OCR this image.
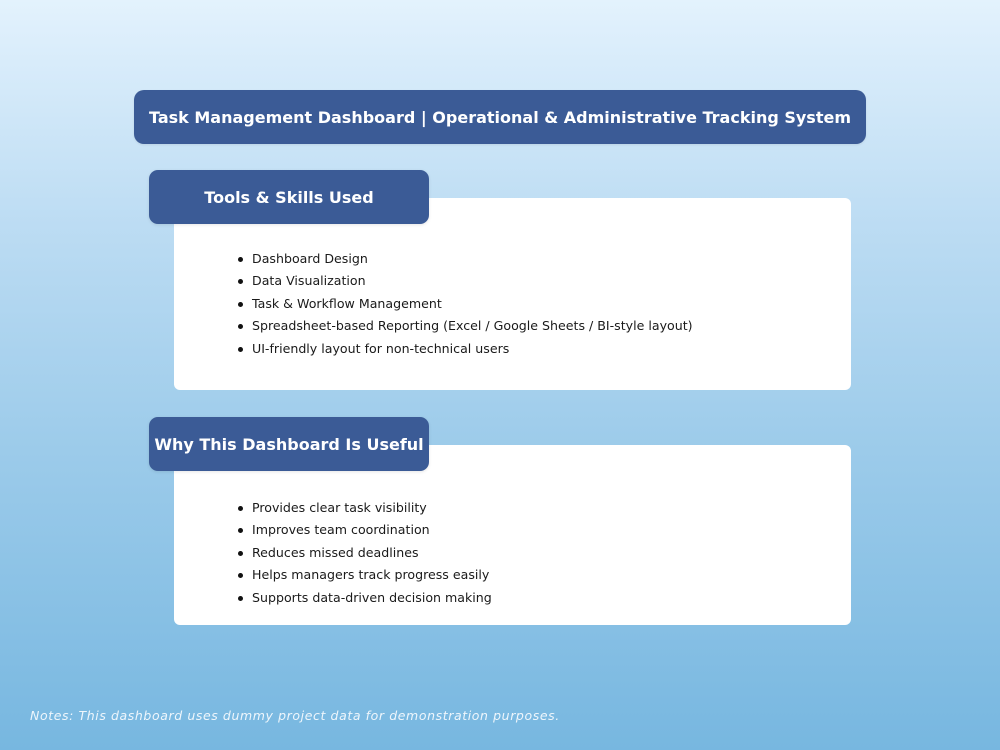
Task Management Dashboard | Operational & Administrative Tracking System
Dashboard Design
Data Visualization
Task & Workflow Management
Spreadsheet-based Reporting (Excel / Google Sheets / BI-style layout)
UI-friendly layout for non-technical users
Tools & Skills Used
Provides clear task visibility
Improves team coordination
Reduces missed deadlines
Helps managers track progress easily
Supports data-driven decision making
Why This Dashboard Is Useful
Notes: This dashboard uses dummy project data for demonstration purposes.
